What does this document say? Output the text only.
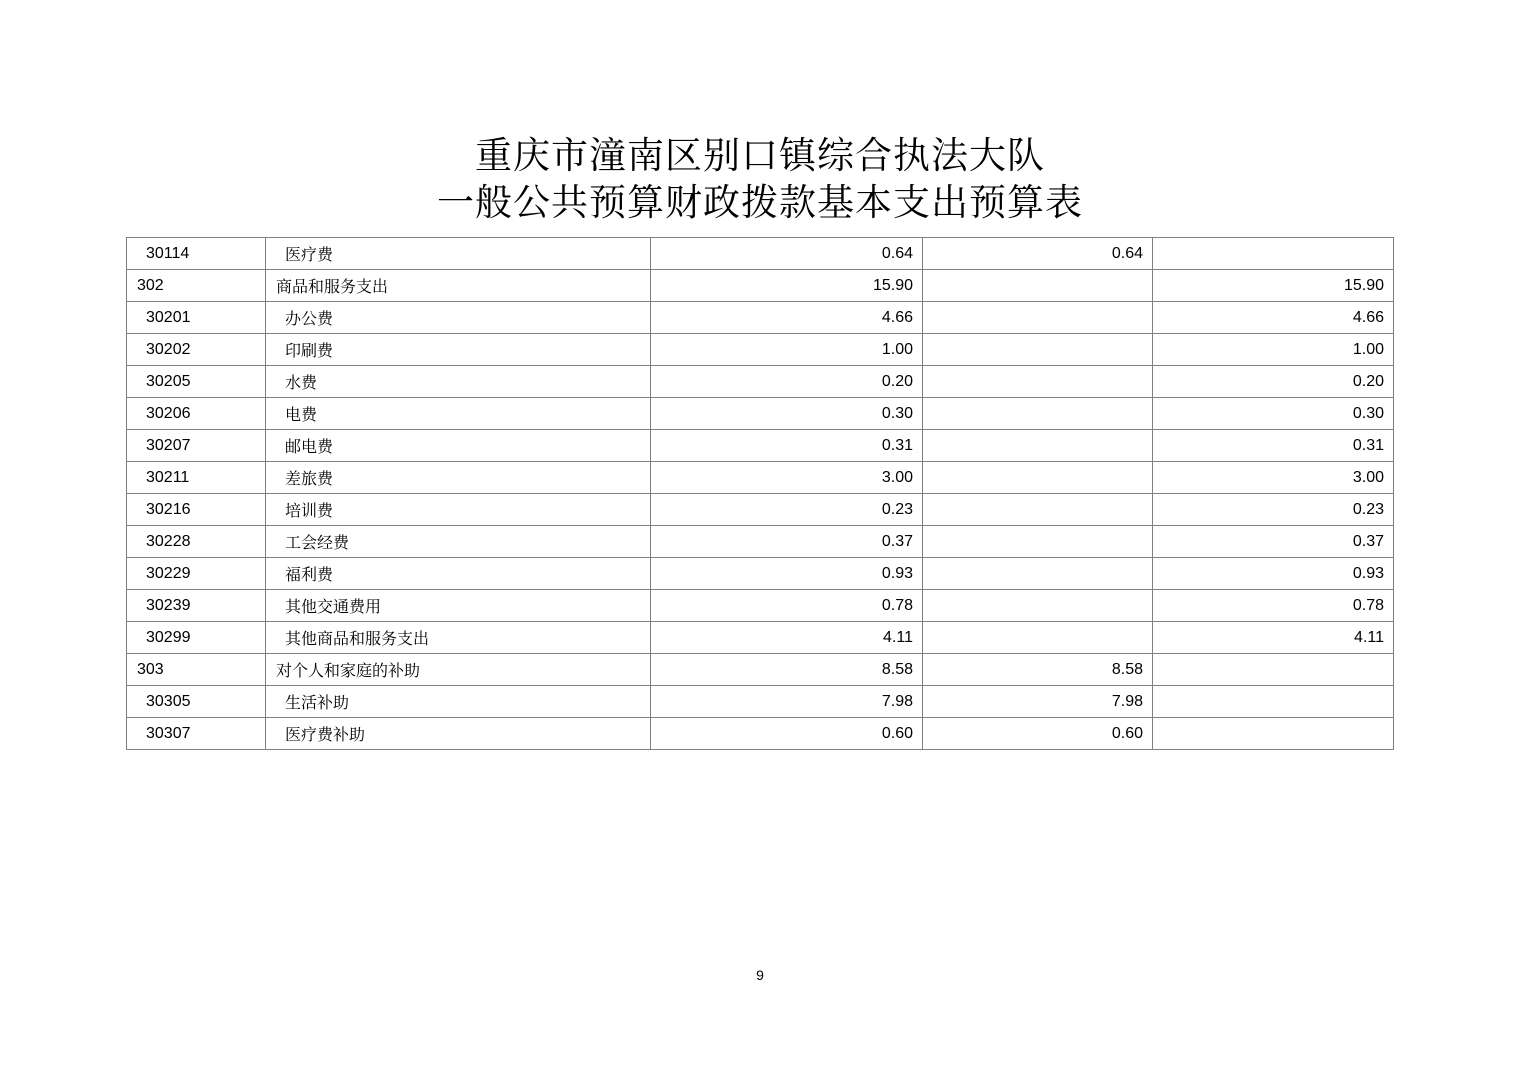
重庆市潼南区别口镇综合执法大队
一般公共预算财政拨款基本支出预算表
30114	医疗费	0.64	0.64	
302	商品和服务支出	15.90		15.90
30201	办公费	4.66		4.66
30202	印刷费	1.00		1.00
30205	水费	0.20		0.20
30206	电费	0.30		0.30
30207	邮电费	0.31		0.31
30211	差旅费	3.00		3.00
30216	培训费	0.23		0.23
30228	工会经费	0.37		0.37
30229	福利费	0.93		0.93
30239	其他交通费用	0.78		0.78
30299	其他商品和服务支出	4.11		4.11
303	对个人和家庭的补助	8.58	8.58	
30305	生活补助	7.98	7.98	
30307	医疗费补助	0.60	0.60	
9
